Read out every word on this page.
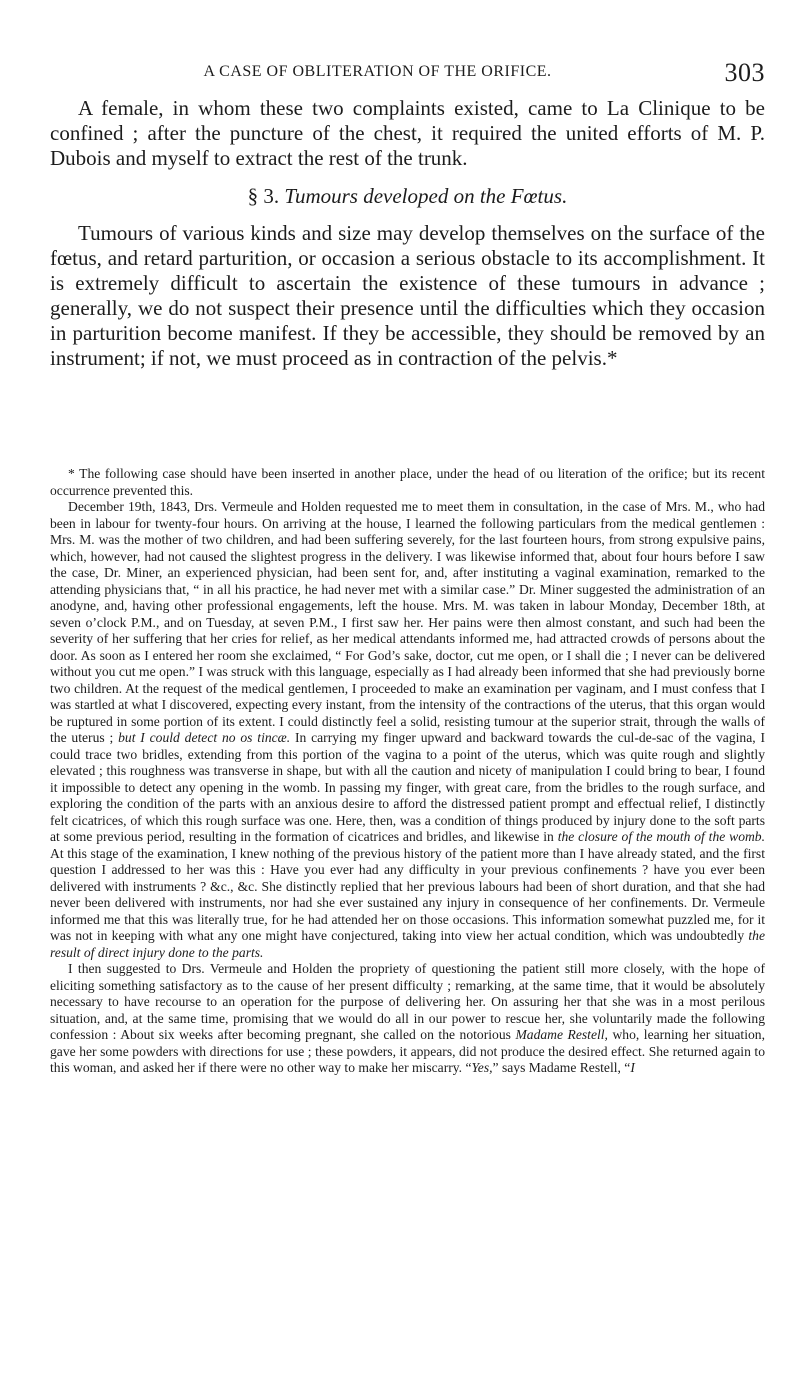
A CASE OF OBLITERATION OF THE ORIFICE.	303

A female, in whom these two complaints existed, came to La Clinique to be confined ; after the puncture of the chest, it required the united efforts of M. P. Dubois and myself to extract the rest of the trunk.

§ 3. Tumours developed on the Fœtus.

Tumours of various kinds and size may develop themselves on the surface of the fœtus, and retard parturition, or occasion a serious obstacle to its accomplishment. It is extremely difficult to ascertain the existence of these tumours in advance ; generally, we do not suspect their presence until the difficulties which they occasion in parturition become manifest. If they be accessible, they should be removed by an instrument; if not, we must proceed as in contraction of the pelvis.*

* The following case should have been inserted in another place, under the head of ou literation of the orifice; but its recent occurrence prevented this.

December 19th, 1843, Drs. Vermeule and Holden requested me to meet them in consultation, in the case of Mrs. M., who had been in labour for twenty-four hours. On arriving at the house, I learned the following particulars from the medical gentlemen : Mrs. M. was the mother of two children, and had been suffering severely, for the last fourteen hours, from strong expulsive pains, which, however, had not caused the slightest progress in the delivery. I was likewise informed that, about four hours before I saw the case, Dr. Miner, an experienced physician, had been sent for, and, after instituting a vaginal examination, remarked to the attending physicians that, “ in all his practice, he had never met with a similar case.” Dr. Miner suggested the administration of an anodyne, and, having other professional engagements, left the house. Mrs. M. was taken in labour Monday, December 18th, at seven o’clock P.M., and on Tuesday, at seven P.M., I first saw her. Her pains were then almost constant, and such had been the severity of her suffering that her cries for relief, as her medical attendants informed me, had attracted crowds of persons about the door. As soon as I entered her room she exclaimed, “ For God’s sake, doctor, cut me open, or I shall die ; I never can be delivered without you cut me open.” I was struck with this language, especially as I had already been informed that she had previously borne two children. At the request of the medical gentlemen, I proceeded to make an examination per vaginam, and I must confess that I was startled at what I discovered, expecting every instant, from the intensity of the contractions of the uterus, that this organ would be ruptured in some portion of its extent. I could distinctly feel a solid, resisting tumour at the superior strait, through the walls of the uterus ; but I could detect no os tincæ. In carrying my finger upward and backward towards the cul-de-sac of the vagina, I could trace two bridles, extending from this portion of the vagina to a point of the uterus, which was quite rough and slightly elevated ; this roughness was transverse in shape, but with all the caution and nicety of manipulation I could bring to bear, I found it impossible to detect any opening in the womb. In passing my finger, with great care, from the bridles to the rough surface, and exploring the condition of the parts with an anxious desire to afford the distressed patient prompt and effectual relief, I distinctly felt cicatrices, of which this rough surface was one. Here, then, was a condition of things produced by injury done to the soft parts at some previous period, resulting in the formation of cicatrices and bridles, and likewise in the closure of the mouth of the womb. At this stage of the examination, I knew nothing of the previous history of the patient more than I have already stated, and the first question I addressed to her was this : Have you ever had any difficulty in your previous confinements ? have you ever been delivered with instruments ? &c., &c. She distinctly replied that her previous labours had been of short duration, and that she had never been delivered with instruments, nor had she ever sustained any injury in consequence of her confinements. Dr. Vermeule informed me that this was literally true, for he had attended her on those occasions. This information somewhat puzzled me, for it was not in keeping with what any one might have conjectured, taking into view her actual condition, which was undoubtedly the result of direct injury done to the parts.

I then suggested to Drs. Vermeule and Holden the propriety of questioning the patient still more closely, with the hope of eliciting something satisfactory as to the cause of her present difficulty ; remarking, at the same time, that it would be absolutely necessary to have recourse to an operation for the purpose of delivering her. On assuring her that she was in a most perilous situation, and, at the same time, promising that we would do all in our power to rescue her, she voluntarily made the following confession : About six weeks after becoming pregnant, she called on the notorious Madame Restell, who, learning her situation, gave her some powders with directions for use ; these powders, it appears, did not produce the desired effect. She returned again to this woman, and asked her if there were no other way to make her miscarry. “Yes,” says Madame Restell, “I
